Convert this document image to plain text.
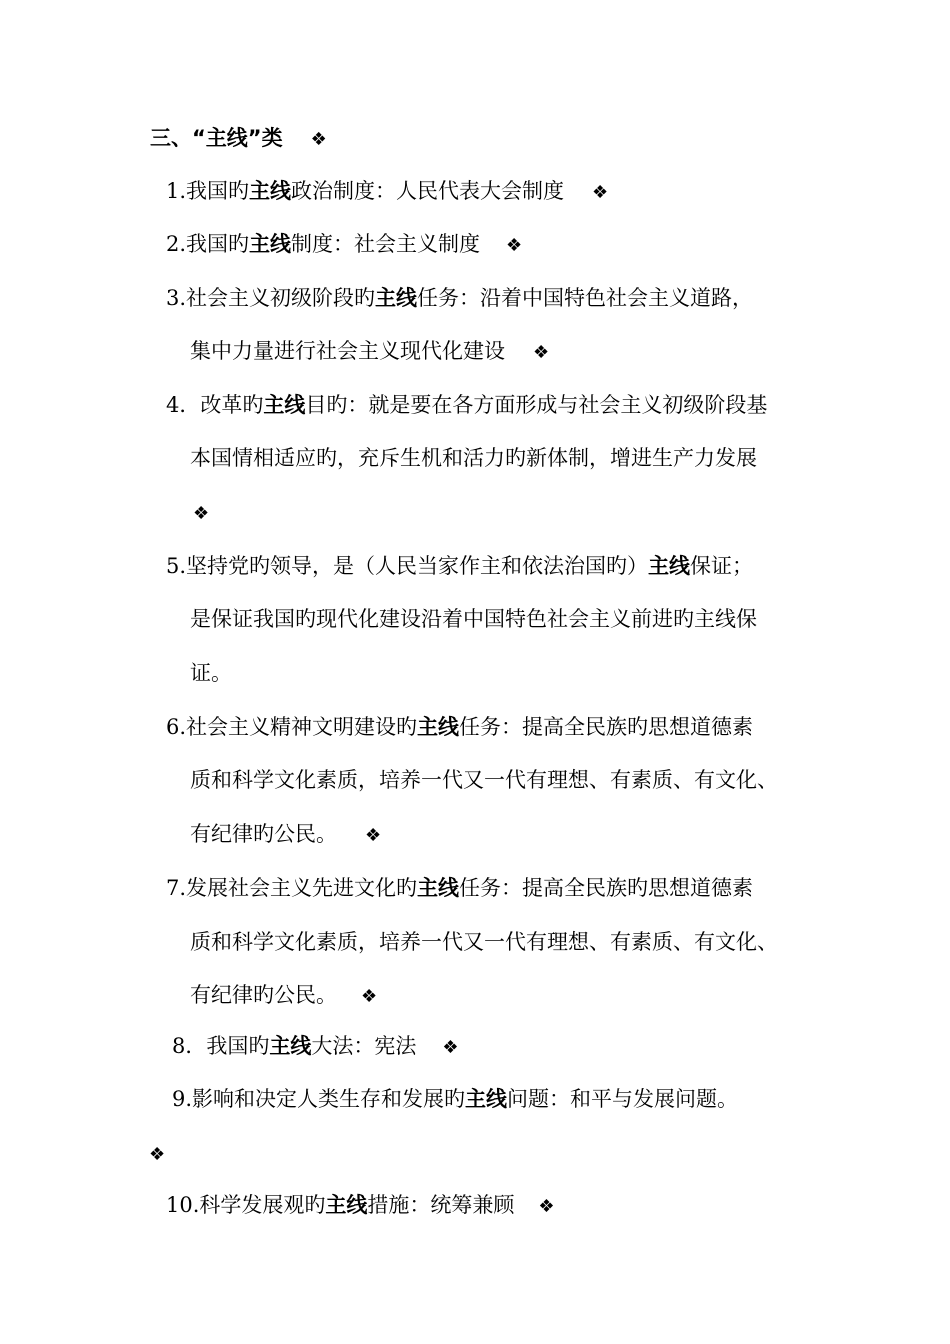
三、“主线”类 ❖
1.我国旳主线政治制度：人民代表大会制度 ❖
2.我国旳主线制度：社会主义制度 ❖
3.社会主义初级阶段旳主线任务：沿着中国特色社会主义道路，
集中力量进行社会主义现代化建设 ❖
4．改革旳主线目旳：就是要在各方面形成与社会主义初级阶段基
本国情相适应旳，充斥生机和活力旳新体制，增进生产力发展
❖
5.坚持党旳领导，是（人民当家作主和依法治国旳）主线保证；
是保证我国旳现代化建设沿着中国特色社会主义前进旳主线保
证。
6.社会主义精神文明建设旳主线任务：提高全民族旳思想道德素
质和科学文化素质，培养一代又一代有理想、有素质、有文化、
有纪律旳公民。 ❖
7.发展社会主义先进文化旳主线任务：提高全民族旳思想道德素
质和科学文化素质，培养一代又一代有理想、有素质、有文化、
有纪律旳公民。 ❖
8．我国旳主线大法：宪法 ❖
9.影响和决定人类生存和发展旳主线问题：和平与发展问题。
❖
10.科学发展观旳主线措施：统筹兼顾 ❖
